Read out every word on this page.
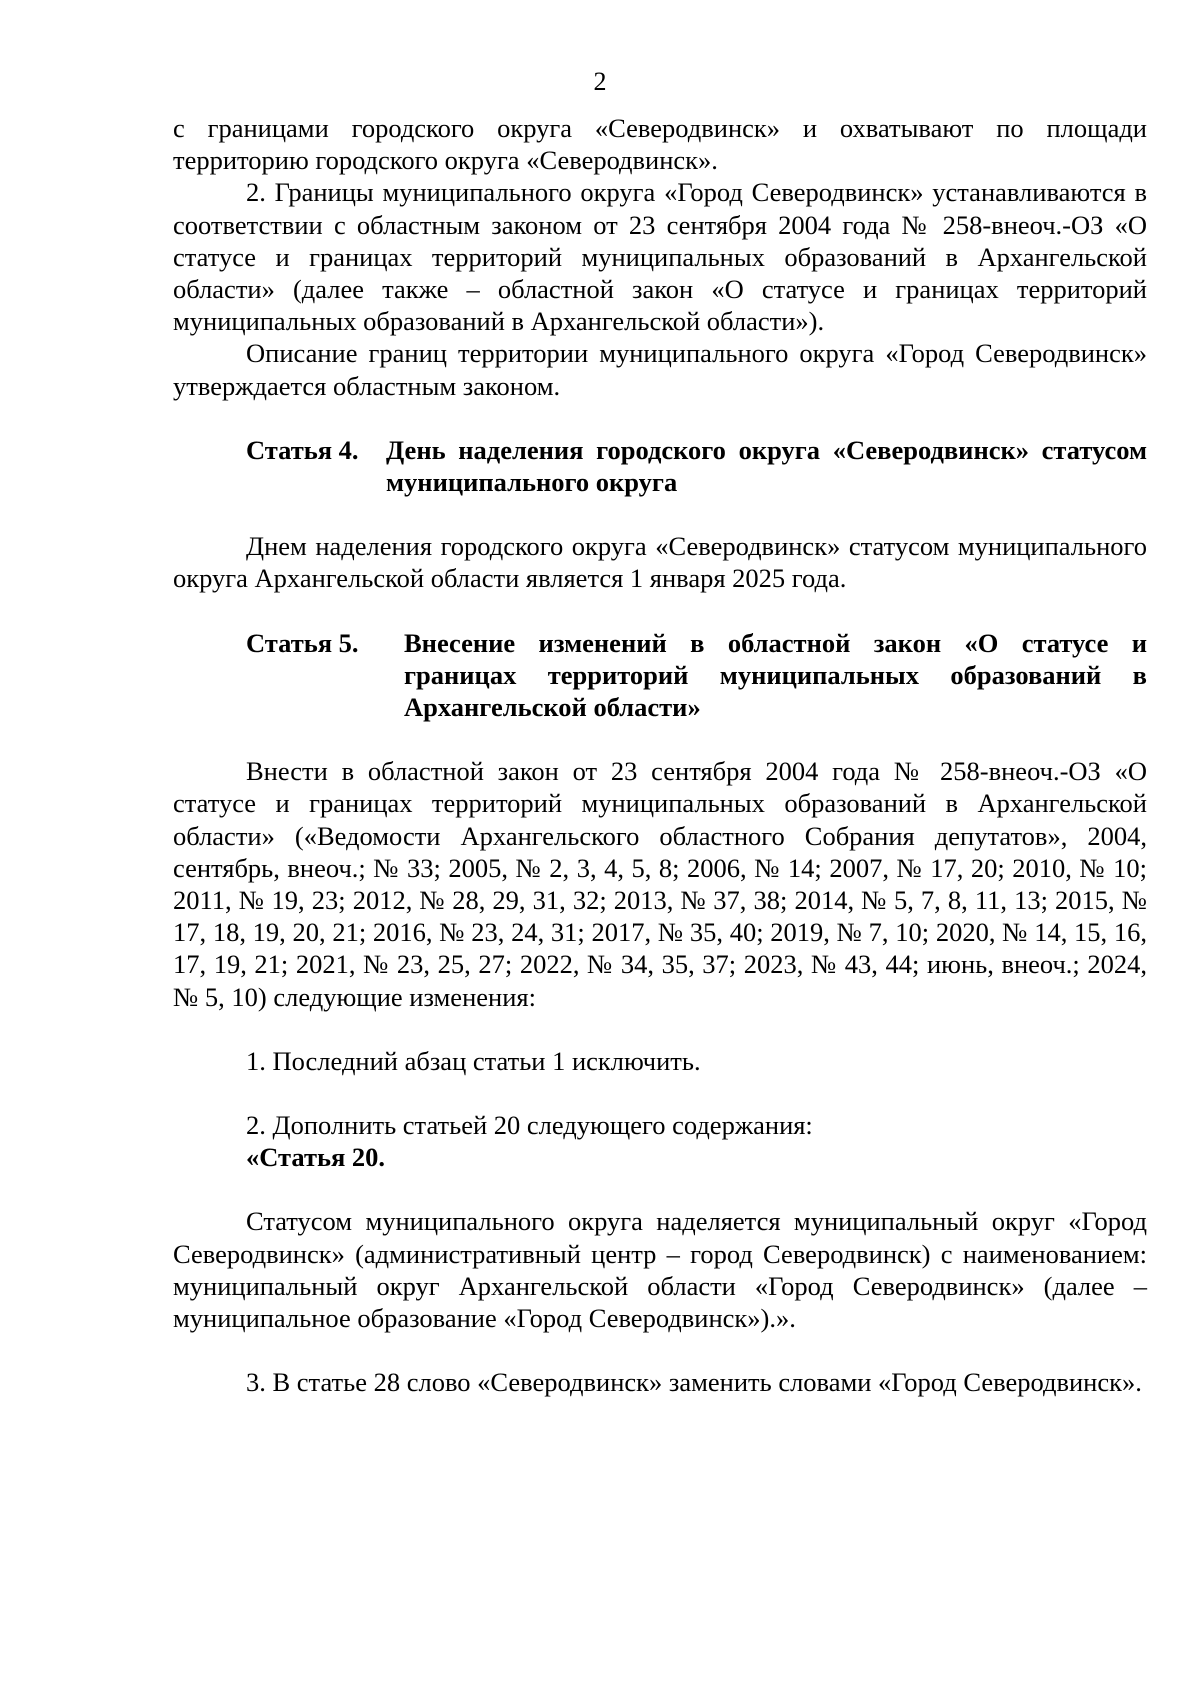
2

с границами городского округа «Северодвинск» и охватывают по площади территорию городского округа «Северодвинск».

2. Границы муниципального округа «Город Северодвинск» устанавливаются в соответствии с областным законом от 23 сентября 2004 года № 258-внеоч.-ОЗ «О статусе и границах территорий муниципальных образований в Архангельской области» (далее также – областной закон «О статусе и границах территорий муниципальных образований в Архангельской области»).

Описание границ территории муниципального округа «Город Северодвинск» утверждается областным законом.

Статья 4.	День наделения городского округа «Северодвинск» статусом муниципального округа

Днем наделения городского округа «Северодвинск» статусом муниципального округа Архангельской области является 1 января 2025 года.

Статья 5.	Внесение изменений в областной закон «О статусе и границах территорий муниципальных образований в Архангельской области»

Внести в областной закон от 23 сентября 2004 года № 258-внеоч.-ОЗ «О статусе и границах территорий муниципальных образований в Архангельской области» («Ведомости Архангельского областного Собрания депутатов», 2004, сентябрь, внеоч.; № 33; 2005, № 2, 3, 4, 5, 8; 2006, № 14; 2007, № 17, 20; 2010, № 10; 2011, № 19, 23; 2012, № 28, 29, 31, 32; 2013, № 37, 38; 2014, № 5, 7, 8, 11, 13; 2015, № 17, 18, 19, 20, 21; 2016, № 23, 24, 31; 2017, № 35, 40; 2019, № 7, 10; 2020, № 14, 15, 16, 17, 19, 21; 2021, № 23, 25, 27; 2022, № 34, 35, 37; 2023, № 43, 44; июнь, внеоч.; 2024, № 5, 10) следующие изменения:

1. Последний абзац статьи 1 исключить.

2. Дополнить статьей 20 следующего содержания:

«Статья 20.

Статусом муниципального округа наделяется муниципальный округ «Город Северодвинск» (административный центр – город Северодвинск) с наименованием: муниципальный округ Архангельской области «Город Северодвинск» (далее – муниципальное образование «Город Северодвинск»).».

3. В статье 28 слово «Северодвинск» заменить словами «Город Северодвинск».
